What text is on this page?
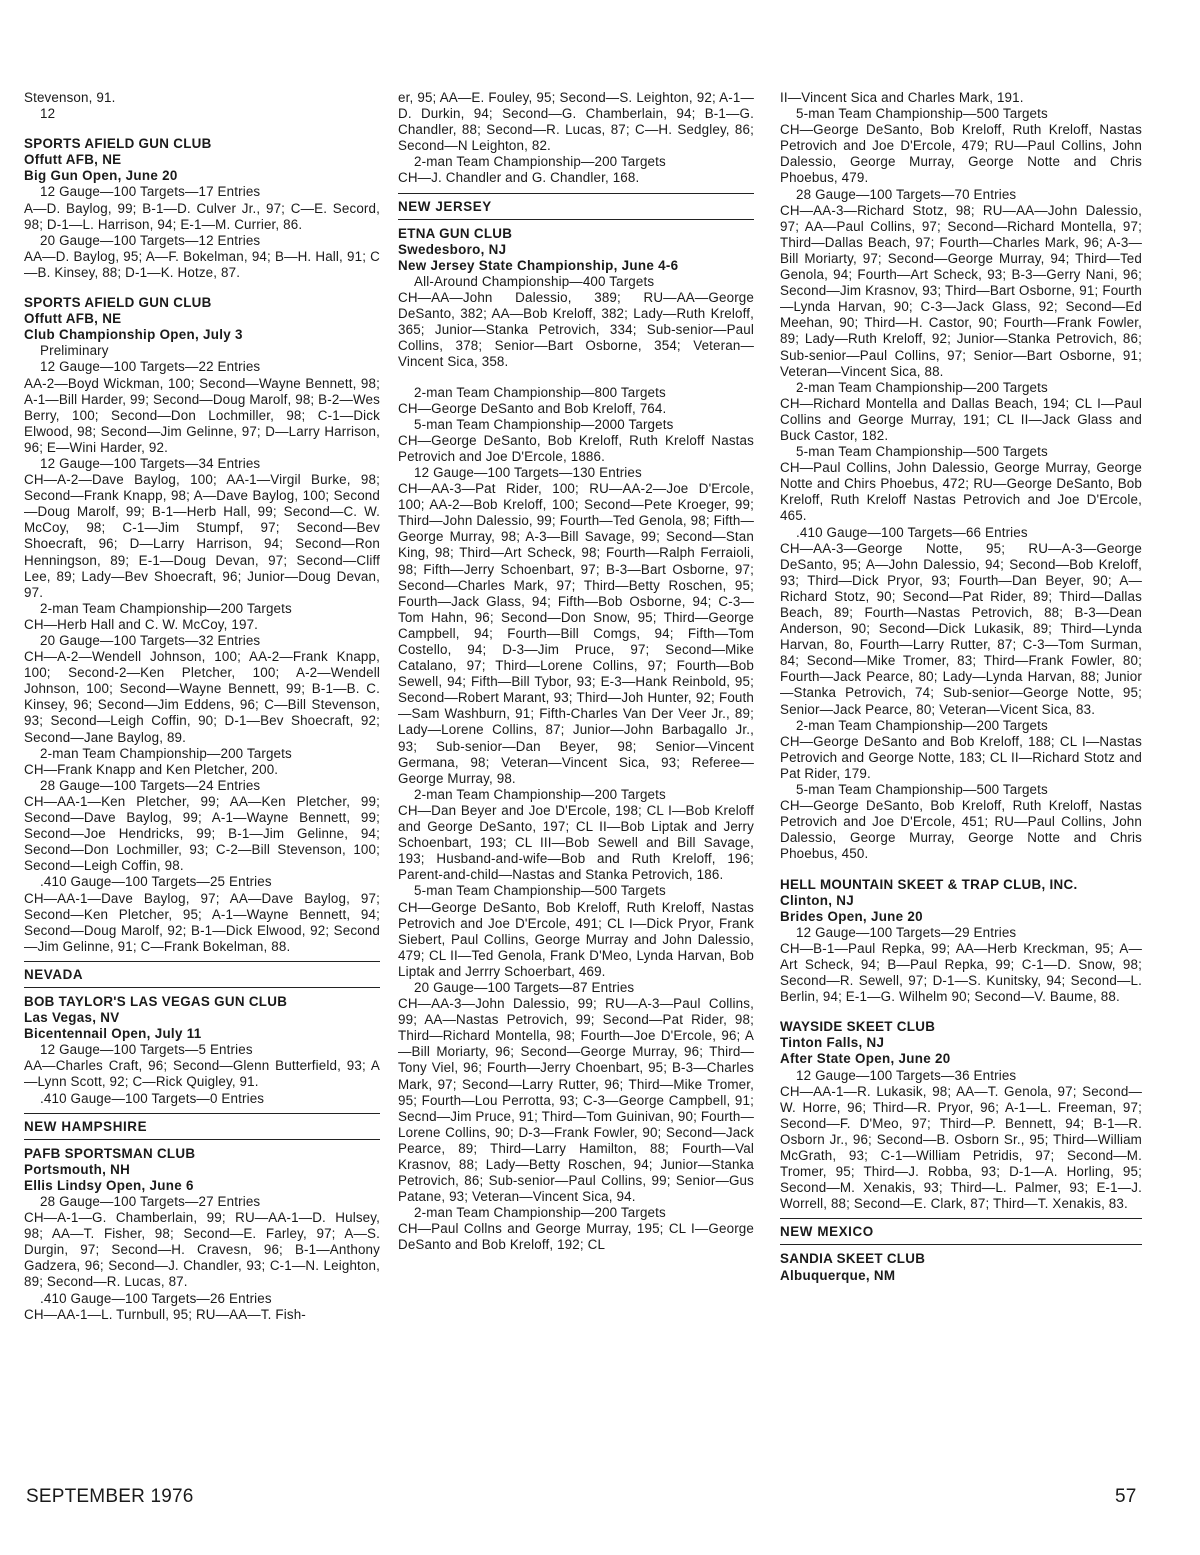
Stevenson, 91.
12
SPORTS AFIELD GUN CLUB
Offutt AFB, NE
Big Gun Open, June 20
12 Gauge—100 Targets—17 Entries
A—D. Baylog, 99; B-1—D. Culver Jr., 97; C—E. Secord, 98; D-1—L. Harrison, 94; E-1—M. Currier, 86.
20 Gauge—100 Targets—12 Entries
AA—D. Baylog, 95; A—F. Bokelman, 94; B—H. Hall, 91; C—B. Kinsey, 88; D-1—K. Hotze, 87.
SPORTS AFIELD GUN CLUB
Offutt AFB, NE
Club Championship Open, July 3
Preliminary
12 Gauge—100 Targets—22 Entries
AA-2—Boyd Wickman, 100; Second—Wayne Bennett, 98; A-1—Bill Harder, 99; Second—Doug Marolf, 98; B-2—Wes Berry, 100; Second—Don Lochmiller, 98; C-1—Dick Elwood, 98; Second—Jim Gelinne, 97; D—Larry Harrison, 96; E—Wini Harder, 92.
12 Gauge—100 Targets—34 Entries
CH—A-2—Dave Baylog, 100; AA-1—Virgil Burke, 98; Second—Frank Knapp, 98; A—Dave Baylog, 100; Second—Doug Marolf, 99; B-1—Herb Hall, 99; Second—C. W. McCoy, 98; C-1—Jim Stumpf, 97; Second—Bev Shoecraft, 96; D—Larry Harrison, 94; Second—Ron Henningson, 89; E-1—Doug Devan, 97; Second—Cliff Lee, 89; Lady—Bev Shoecraft, 96; Junior—Doug Devan, 97.
2-man Team Championship—200 Targets
CH—Herb Hall and C. W. McCoy, 197.
20 Gauge—100 Targets—32 Entries
CH—A-2—Wendell Johnson, 100; AA-2—Frank Knapp, 100; Second-2—Ken Pletcher, 100; A-2—Wendell Johnson, 100; Second—Wayne Bennett, 99; B-1—B. C. Kinsey, 96; Second—Jim Eddens, 96; C—Bill Stevenson, 93; Second—Leigh Coffin, 90; D-1—Bev Shoecraft, 92; Second—Jane Baylog, 89.
2-man Team Championship—200 Targets
CH—Frank Knapp and Ken Pletcher, 200.
28 Gauge—100 Targets—24 Entries
CH—AA-1—Ken Pletcher, 99; AA—Ken Pletcher, 99; Second—Dave Baylog, 99; A-1—Wayne Bennett, 99; Second—Joe Hendricks, 99; B-1—Jim Gelinne, 94; Second—Don Lochmiller, 93; C-2—Bill Stevenson, 100; Second—Leigh Coffin, 98.
.410 Gauge—100 Targets—25 Entries
CH—AA-1—Dave Baylog, 97; AA—Dave Baylog, 97; Second—Ken Pletcher, 95; A-1—Wayne Bennett, 94; Second—Doug Marolf, 92; B-1—Dick Elwood, 92; Second—Jim Gelinne, 91; C—Frank Bokelman, 88.
NEVADA
BOB TAYLOR'S LAS VEGAS GUN CLUB
Las Vegas, NV
Bicentennail Open, July 11
12 Gauge—100 Targets—5 Entries
AA—Charles Craft, 96; Second—Glenn Butterfield, 93; A—Lynn Scott, 92; C—Rick Quigley, 91.
.410 Gauge—100 Targets—0 Entries
NEW HAMPSHIRE
PAFB SPORTSMAN CLUB
Portsmouth, NH
Ellis Lindsy Open, June 6
28 Gauge—100 Targets—27 Entries
CH—A-1—G. Chamberlain, 99; RU—AA-1—D. Hulsey, 98; AA—T. Fisher, 98; Second—E. Farley, 97; A—S. Durgin, 97; Second—H. Cravesn, 96; B-1—Anthony Gadzera, 96; Second—J. Chandler, 93; C-1—N. Leighton, 89; Second—R. Lucas, 87.
.410 Gauge—100 Targets—26 Entries
CH—AA-1—L. Turnbull, 95; RU—AA—T. Fish-
er, 95; AA—E. Fouley, 95; Second—S. Leighton, 92; A-1—D. Durkin, 94; Second—G. Chamberlain, 94; B-1—G. Chandler, 88; Second—R. Lucas, 87; C—H. Sedgley, 86; Second—N Leighton, 82.
2-man Team Championship—200 Targets
CH—J. Chandler and G. Chandler, 168.
NEW JERSEY
ETNA GUN CLUB
Swedesboro, NJ
New Jersey State Championship, June 4-6
All-Around Championship—400 Targets
CH—AA—John Dalessio, 389; RU—AA—George DeSanto, 382; AA—Bob Kreloff, 382; Lady—Ruth Kreloff, 365; Junior—Stanka Petrovich, 334; Sub-senior—Paul Collins, 378; Senior—Bart Osborne, 354; Veteran—Vincent Sica, 358.
2-man Team Championship—800 Targets
CH—George DeSanto and Bob Kreloff, 764.
5-man Team Championship—2000 Targets
CH—George DeSanto, Bob Kreloff, Ruth Kreloff Nastas Petrovich and Joe D'Ercole, 1886.
12 Gauge—100 Targets—130 Entries
CH—AA-3—Pat Rider, 100; RU—AA-2—Joe D'Ercole, 100; AA-2—Bob Kreloff, 100; Second—Pete Kroeger, 99; Third—John Dalessio, 99; Fourth—Ted Genola, 98; Fifth—George Murray, 98; A-3—Bill Savage, 99; Second—Stan King, 98; Third—Art Scheck, 98; Fourth—Ralph Ferraioli, 98; Fifth—Jerry Schoenbart, 97; B-3—Bart Osborne, 97; Second—Charles Mark, 97; Third—Betty Roschen, 95; Fourth—Jack Glass, 94; Fifth—Bob Osborne, 94; C-3—Tom Hahn, 96; Second—Don Snow, 95; Third—George Campbell, 94; Fourth—Bill Comgs, 94; Fifth—Tom Costello, 94; D-3—Jim Pruce, 97; Second—Mike Catalano, 97; Third—Lorene Collins, 97; Fourth—Bob Sewell, 94; Fifth—Bill Tybor, 93; E-3—Hank Reinbold, 95; Second—Robert Marant, 93; Third—Joh Hunter, 92; Fouth—Sam Washburn, 91; Fifth-Charles Van Der Veer Jr., 89; Lady—Lorene Collins, 87; Junior—John Barbagallo Jr., 93; Sub-senior—Dan Beyer, 98; Senior—Vincent Germana, 98; Veteran—Vincent Sica, 93; Referee—George Murray, 98.
2-man Team Championship—200 Targets
CH—Dan Beyer and Joe D'Ercole, 198; CL I—Bob Kreloff and George DeSanto, 197; CL II—Bob Liptak and Jerry Schoenbart, 193; CL III—Bob Sewell and Bill Savage, 193; Husband-and-wife—Bob and Ruth Kreloff, 196; Parent-and-child—Nastas and Stanka Petrovich, 186.
5-man Team Championship—500 Targets
CH—George DeSanto, Bob Kreloff, Ruth Kreloff, Nastas Petrovich and Joe D'Ercole, 491; CL I—Dick Pryor, Frank Siebert, Paul Collins, George Murray and John Dalessio, 479; CL II—Ted Genola, Frank D'Meo, Lynda Harvan, Bob Liptak and Jerrry Schoerbart, 469.
20 Gauge—100 Targets—87 Entries
CH—AA-3—John Dalessio, 99; RU—A-3—Paul Collins, 99; AA—Nastas Petrovich, 99; Second—Pat Rider, 98; Third—Richard Montella, 98; Fourth—Joe D'Ercole, 96; A—Bill Moriarty, 96; Second—George Murray, 96; Third—Tony Viel, 96; Fourth—Jerry Choenbart, 95; B-3—Charles Mark, 97; Second—Larry Rutter, 96; Third—Mike Tromer, 95; Fourth—Lou Perrotta, 93; C-3—George Campbell, 91; Secnd—Jim Pruce, 91; Third—Tom Guinivan, 90; Fourth—Lorene Collins, 90; D-3—Frank Fowler, 90; Second—Jack Pearce, 89; Third—Larry Hamilton, 88; Fourth—Val Krasnov, 88; Lady—Betty Roschen, 94; Junior—Stanka Petrovich, 86; Sub-senior—Paul Collins, 99; Senior—Gus Patane, 93; Veteran—Vincent Sica, 94.
2-man Team Championship—200 Targets
CH—Paul Collns and George Murray, 195; CL I—George DeSanto and Bob Kreloff, 192; CL
II—Vincent Sica and Charles Mark, 191.
5-man Team Championship—500 Targets
CH—George DeSanto, Bob Kreloff, Ruth Kreloff, Nastas Petrovich and Joe D'Ercole, 479; RU—Paul Collins, John Dalessio, George Murray, George Notte and Chris Phoebus, 479.
28 Gauge—100 Targets—70 Entries
CH—AA-3—Richard Stotz, 98; RU—AA—John Dalessio, 97; AA—Paul Collins, 97; Second—Richard Montella, 97; Third—Dallas Beach, 97; Fourth—Charles Mark, 96; A-3—Bill Moriarty, 97; Second—George Murray, 94; Third—Ted Genola, 94; Fourth—Art Scheck, 93; B-3—Gerry Nani, 96; Second—Jim Krasnov, 93; Third—Bart Osborne, 91; Fourth—Lynda Harvan, 90; C-3—Jack Glass, 92; Second—Ed Meehan, 90; Third—H. Castor, 90; Fourth—Frank Fowler, 89; Lady—Ruth Kreloff, 92; Junior—Stanka Petrovich, 86; Sub-senior—Paul Collins, 97; Senior—Bart Osborne, 91; Veteran—Vincent Sica, 88.
2-man Team Championship—200 Targets
CH—Richard Montella and Dallas Beach, 194; CL I—Paul Collins and George Murray, 191; CL II—Jack Glass and Buck Castor, 182.
5-man Team Championship—500 Targets
CH—Paul Collins, John Dalessio, George Murray, George Notte and Chirs Phoebus, 472; RU—George DeSanto, Bob Kreloff, Ruth Kreloff Nastas Petrovich and Joe D'Ercole, 465.
.410 Gauge—100 Targets—66 Entries
CH—AA-3—George Notte, 95; RU—A-3—George DeSanto, 95; A—John Dalessio, 94; Second—Bob Kreloff, 93; Third—Dick Pryor, 93; Fourth—Dan Beyer, 90; A—Richard Stotz, 90; Second—Pat Rider, 89; Third—Dallas Beach, 89; Fourth—Nastas Petrovich, 88; B-3—Dean Anderson, 90; Second—Dick Lukasik, 89; Third—Lynda Harvan, 8о, Fourth—Larry Rutter, 87; C-3—Tom Surman, 84; Second—Mike Tromer, 83; Third—Frank Fowler, 80; Fourth—Jack Pearce, 80; Lady—Lynda Harvan, 88; Junior—Stanka Petrovich, 74; Sub-senior—George Notte, 95; Senior—Jack Pearce, 80; Veteran—Vicent Sica, 83.
2-man Team Championship—200 Targets
CH—George DeSanto and Bob Kreloff, 188; CL I—Nastas Petrovich and George Notte, 183; CL II—Richard Stotz and Pat Rider, 179.
5-man Team Championship—500 Targets
CH—George DeSanto, Bob Kreloff, Ruth Kreloff, Nastas Petrovich and Joe D'Ercole, 451; RU—Paul Collins, John Dalessio, George Murray, George Notte and Chris Phoebus, 450.
HELL MOUNTAIN SKEET & TRAP CLUB, INC.
Clinton, NJ
Brides Open, June 20
12 Gauge—100 Targets—29 Entries
CH—B-1—Paul Repka, 99; AA—Herb Kreckman, 95; A—Art Scheck, 94; B—Paul Repka, 99; C-1—D. Snow, 98; Second—R. Sewell, 97; D-1—S. Kunitsky, 94; Second—L. Berlin, 94; E-1—G. Wilhelm 90; Second—V. Baume, 88.
WAYSIDE SKEET CLUB
Tinton Falls, NJ
After State Open, June 20
12 Gauge—100 Targets—36 Entries
CH—AA-1—R. Lukasik, 98; AA—T. Genola, 97; Second—W. Horre, 96; Third—R. Pryor, 96; A-1—L. Freeman, 97; Second—F. D'Meo, 97; Third—P. Bennett, 94; B-1—R. Osborn Jr., 96; Second—B. Osborn Sr., 95; Third—William McGrath, 93; C-1—William Petridis, 97; Second—M. Tromer, 95; Third—J. Robba, 93; D-1—A. Horling, 95; Second—M. Xenakis, 93; Third—L. Palmer, 93; E-1—J. Worrell, 88; Second—E. Clark, 87; Third—T. Xenakis, 83.
NEW MEXICO
SANDIA SKEET CLUB
Albuquerque, NM
SEPTEMBER 1976	57
